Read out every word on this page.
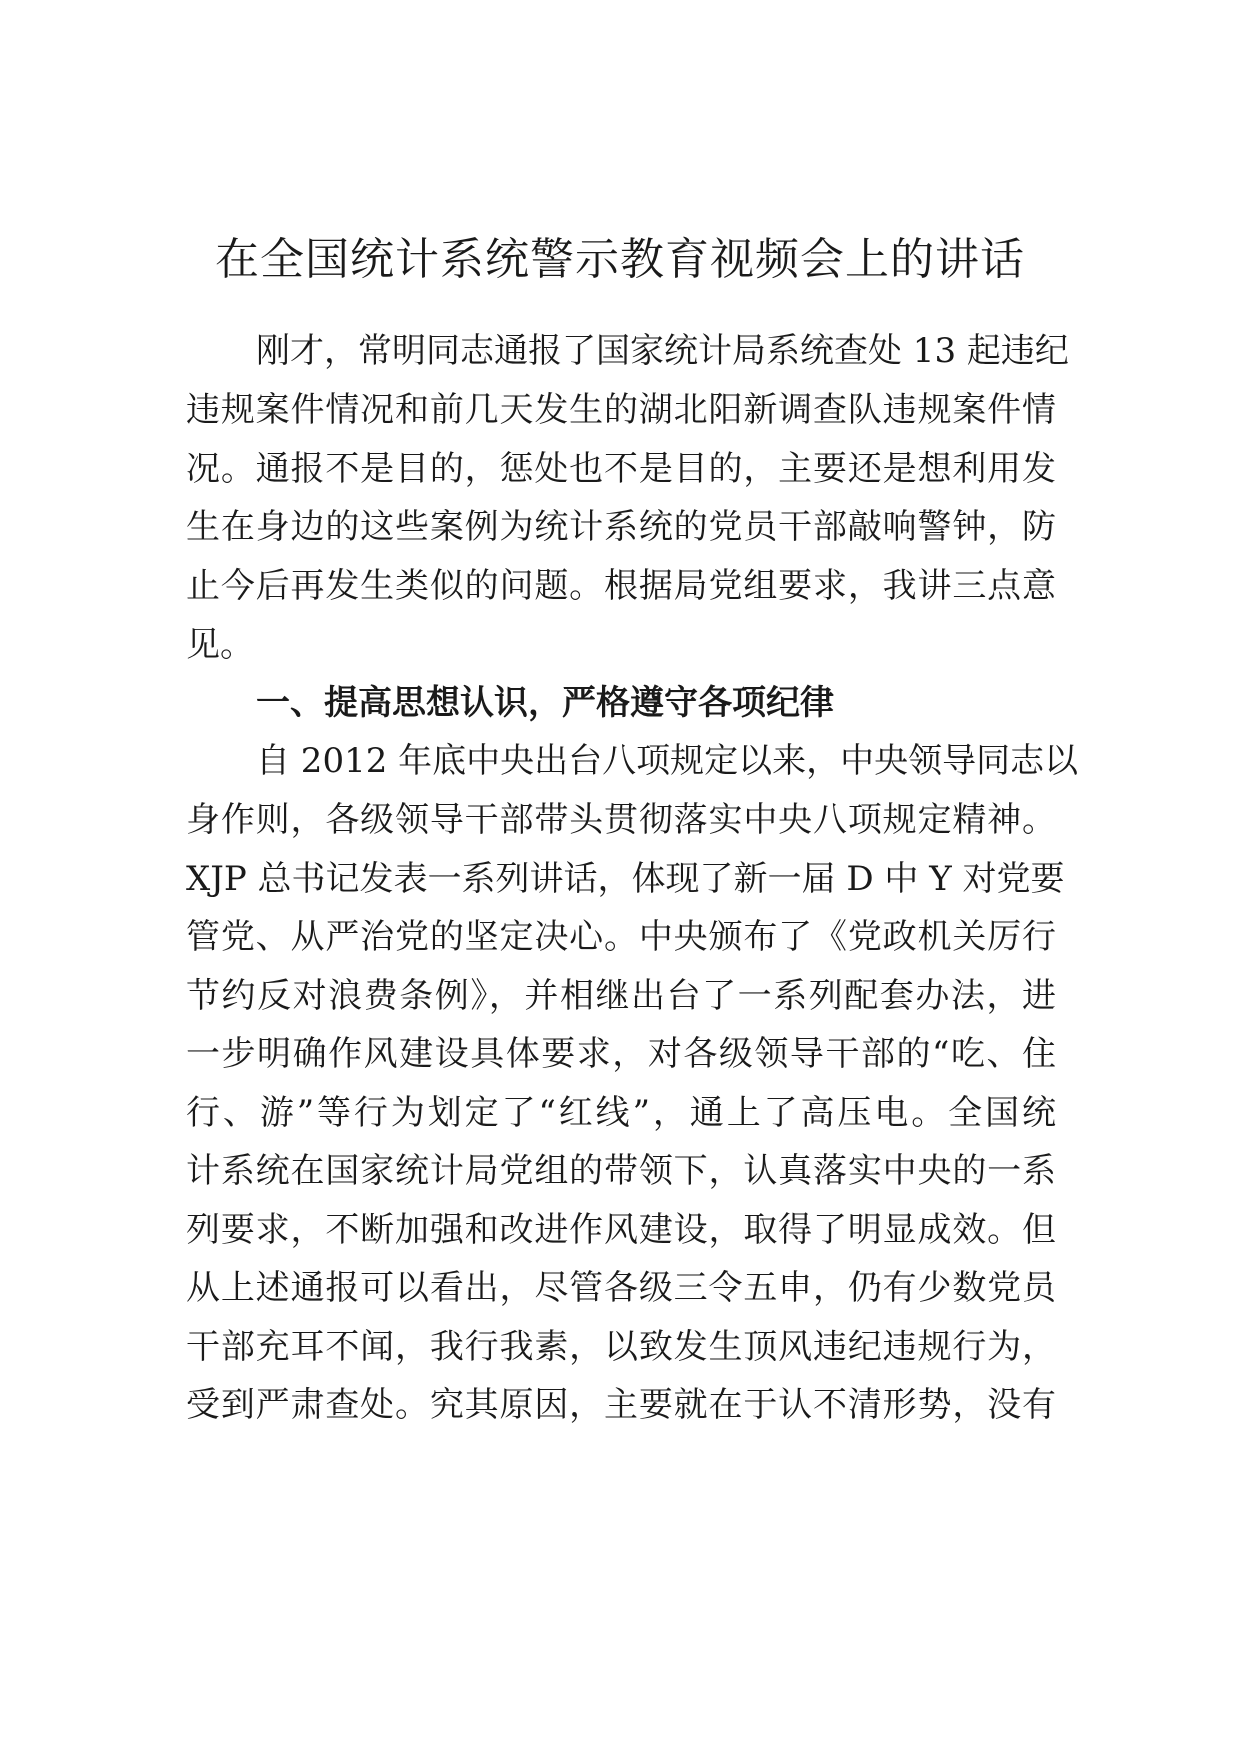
在全国统计系统警示教育视频会上的讲话
刚才，常明同志通报了国家统计局系统查处 13 起违纪
违规案件情况和前几天发生的湖北阳新调查队违规案件情
况。通报不是目的，惩处也不是目的，主要还是想利用发
生在身边的这些案例为统计系统的党员干部敲响警钟，防
止今后再发生类似的问题。根据局党组要求，我讲三点意
见。
一、提高思想认识，严格遵守各项纪律
自 2012 年底中央出台八项规定以来，中央领导同志以
身作则，各级领导干部带头贯彻落实中央八项规定精神。
XJP 总书记发表一系列讲话，体现了新一届 D 中 Y 对党要
管党、从严治党的坚定决心。中央颁布了《党政机关厉行
节约反对浪费条例》，并相继出台了一系列配套办法，进
一步明确作风建设具体要求，对各级领导干部的“吃、住
行、游”等行为划定了“红线”，通上了高压电。全国统
计系统在国家统计局党组的带领下，认真落实中央的一系
列要求，不断加强和改进作风建设，取得了明显成效。但
从上述通报可以看出，尽管各级三令五申，仍有少数党员
干部充耳不闻，我行我素，以致发生顶风违纪违规行为，
受到严肃查处。究其原因，主要就在于认不清形势，没有
